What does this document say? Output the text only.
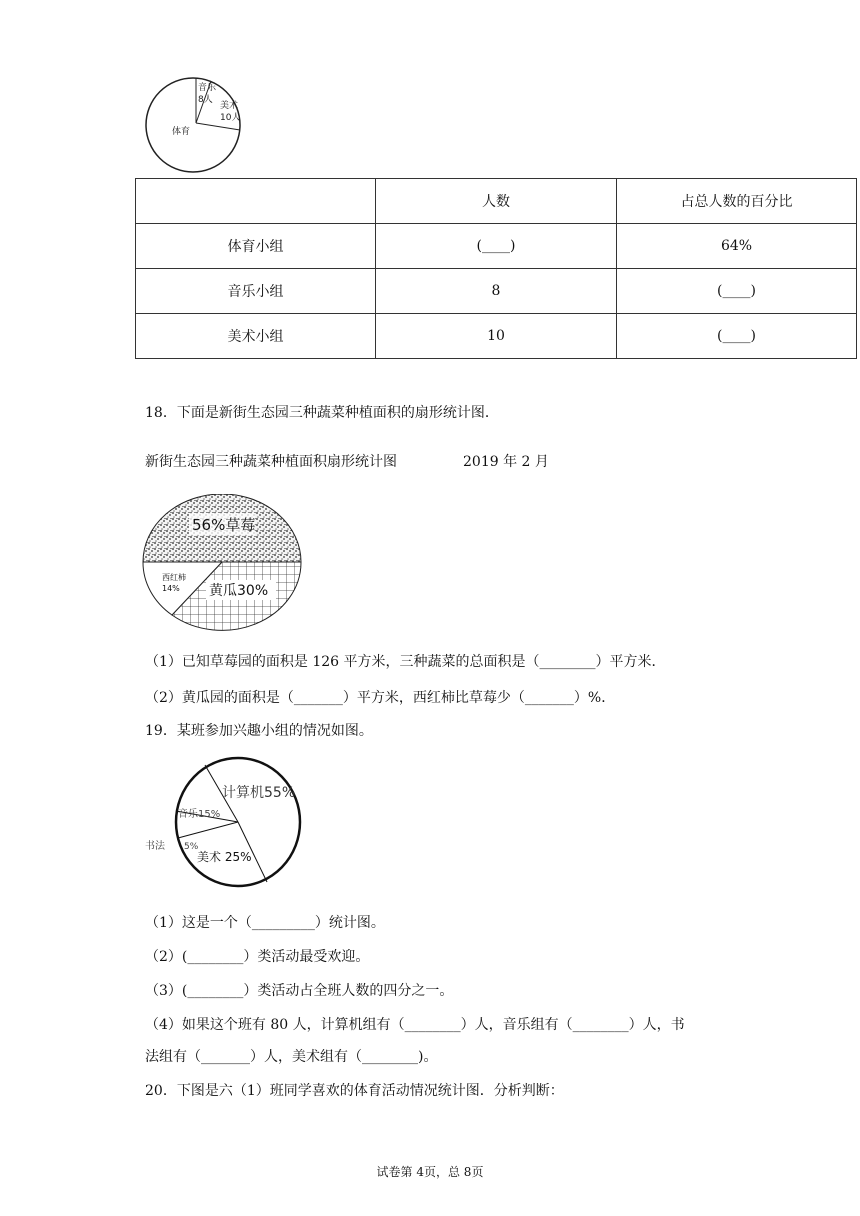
音乐
8人
美术
10人
体育
	人数	占总人数的百分比
体育小组	(____)	64%
音乐小组	8	(____)
美术小组	10	(____)
18．下面是新街生态园三种蔬菜种植面积的扇形统计图．
新街生态园三种蔬菜种植面积扇形统计图	2019 年 2 月
56%草莓
西红柿
14% 黄瓜30%
（1）已知草莓园的面积是 126 平方米，三种蔬菜的总面积是（________）平方米．
（2）黄瓜园的面积是（_______）平方米，西红柿比草莓少（_______）%．
19．某班参加兴趣小组的情况如图。
计算机55%
音乐15%
书法 5%
美术 25%
（1）这是一个（_________）统计图。
（2）(________）类活动最受欢迎。
（3）(________）类活动占全班人数的四分之一。
（4）如果这个班有 80 人，计算机组有（________）人，音乐组有（________）人，书
法组有（_______）人，美术组有（________)。
20．下图是六（1）班同学喜欢的体育活动情况统计图．分析判断：
试卷第 4页，总 8页
